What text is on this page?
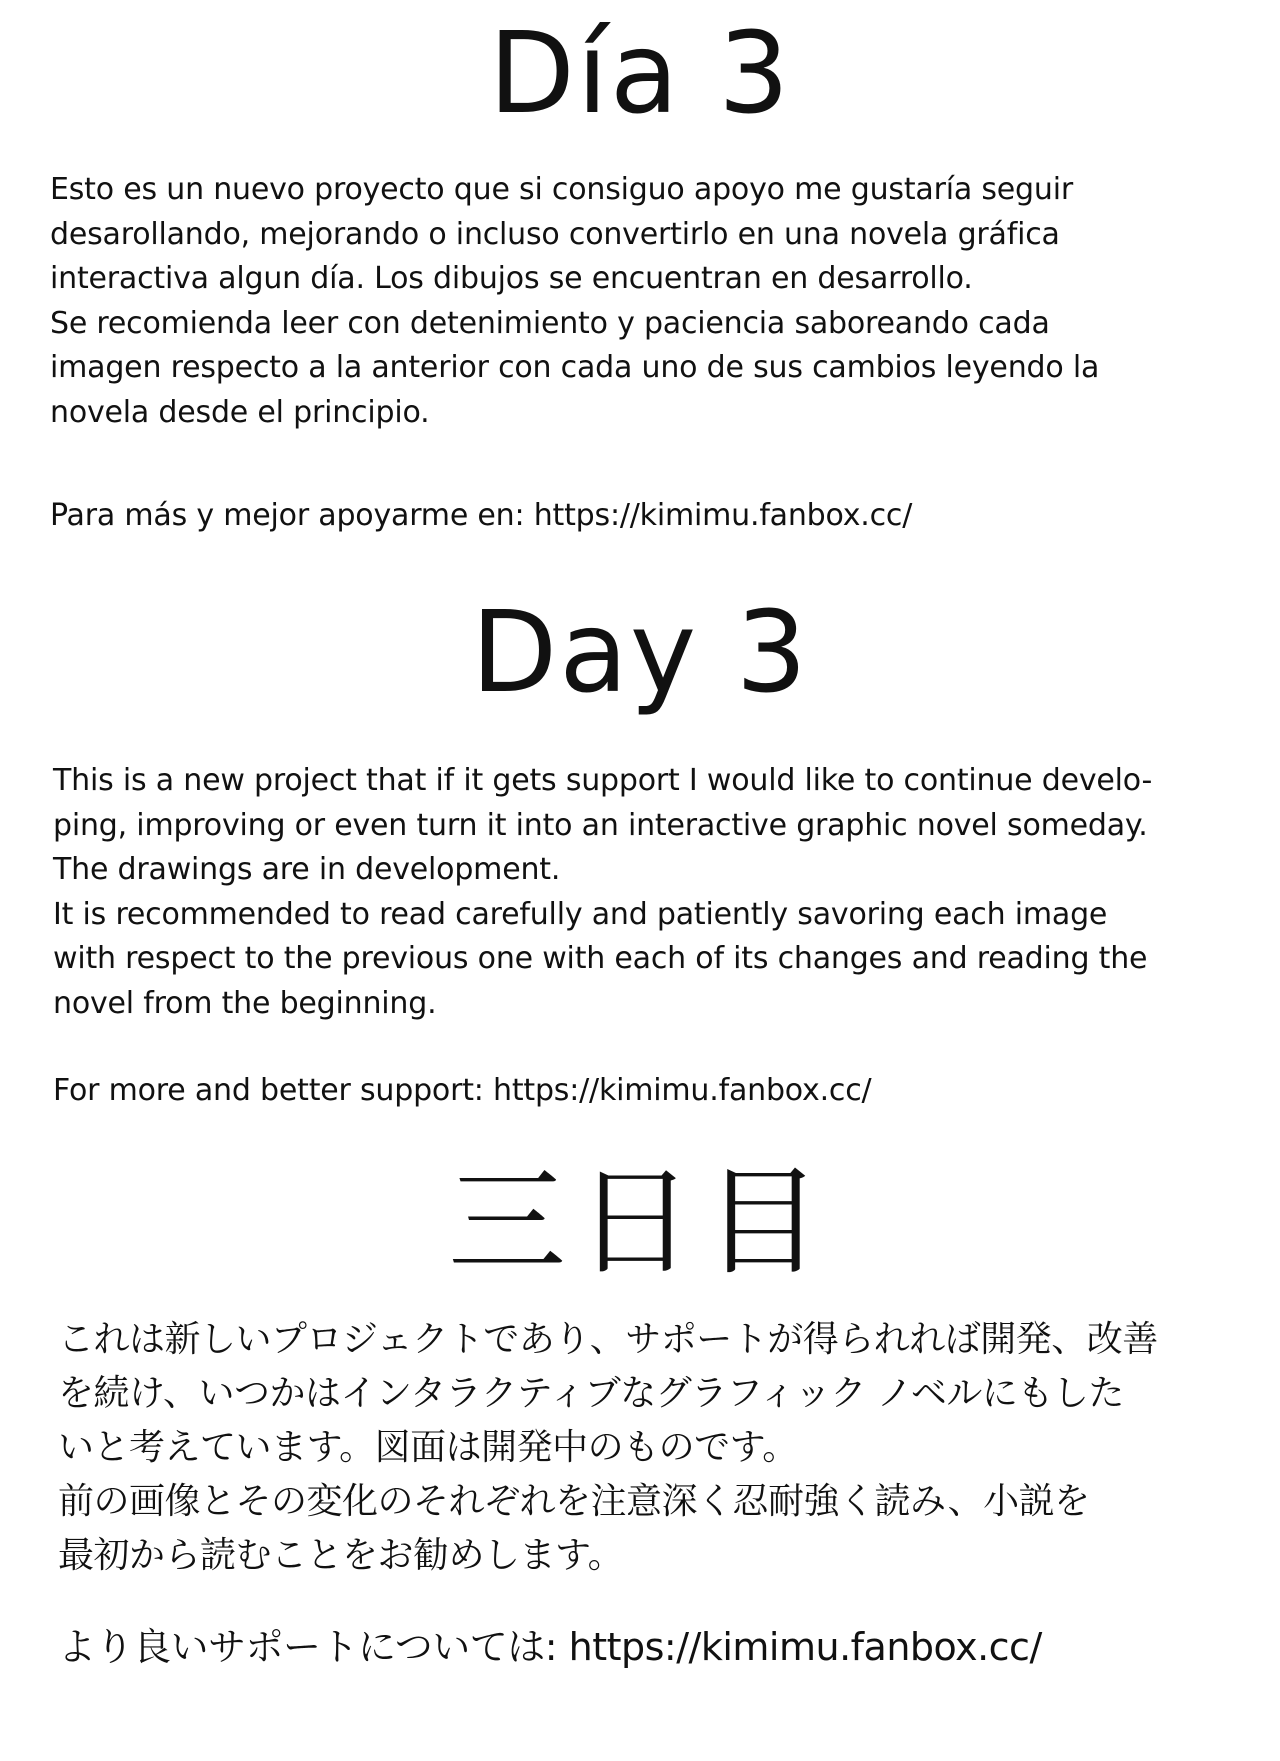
Día 3

Esto es un nuevo proyecto que si consiguo apoyo me gustaría seguir
desarollando, mejorando o incluso convertirlo en una novela gráfica
interactiva algun día. Los dibujos se encuentran en desarrollo.
Se recomienda leer con detenimiento y paciencia saboreando cada
imagen respecto a la anterior con cada uno de sus cambios leyendo la
novela desde el principio.

Para más y mejor apoyarme en: https://kimimu.fanbox.cc/

Day 3

This is a new project that if it gets support I would like to continue develo-
ping, improving or even turn it into an interactive graphic novel someday.
The drawings are in development.
It is recommended to read carefully and patiently savoring each image
with respect to the previous one with each of its changes and reading the
novel from the beginning.

For more and better support: https://kimimu.fanbox.cc/

三日目

これは新しいプロジェクトであり、サポートが得られれば開発、改善
を続け、いつかはインタラクティブなグラフィック ノベルにもした
いと考えています。図面は開発中のものです。
前の画像とその変化のそれぞれを注意深く忍耐強く読み、小説を
最初から読むことをお勧めします。

より良いサポートについては: https://kimimu.fanbox.cc/
